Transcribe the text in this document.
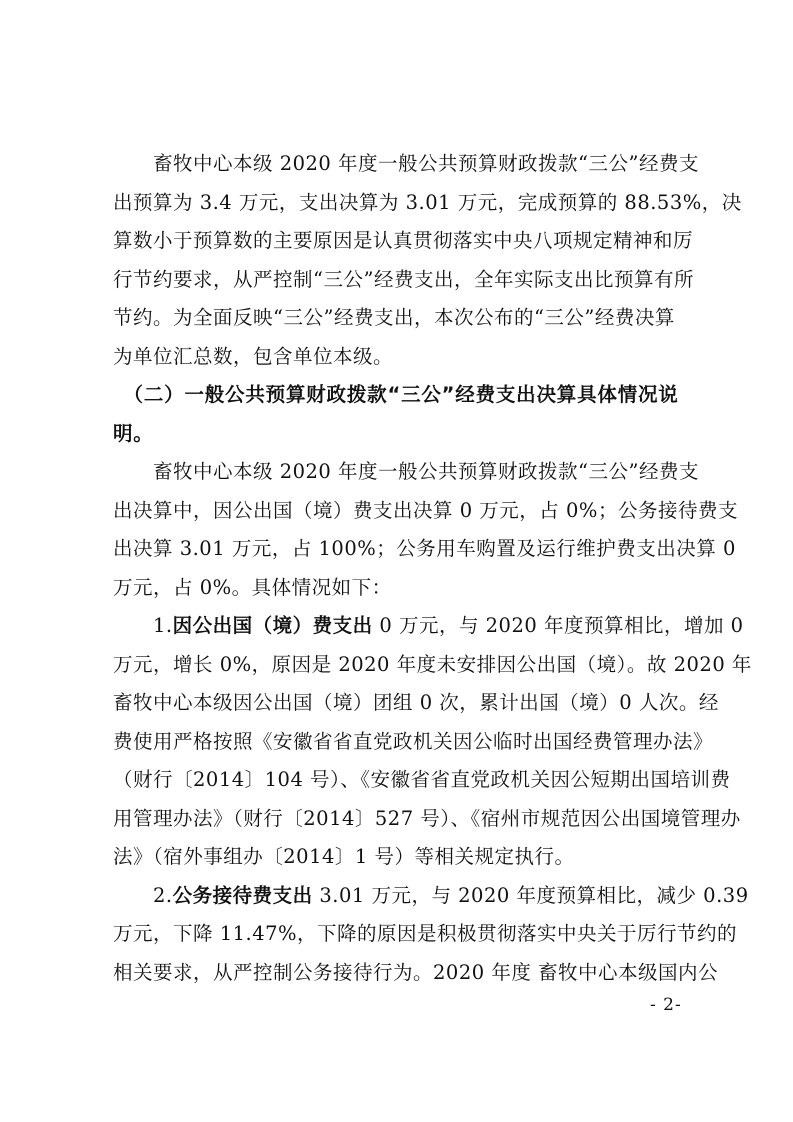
　　畜牧中心本级 2020 年度一般公共预算财政拨款“三公”经费支
出预算为 3.4 万元，支出决算为 3.01 万元，完成预算的 88.53%，决
算数小于预算数的主要原因是认真贯彻落实中央八项规定精神和厉
行节约要求，从严控制“三公”经费支出，全年实际支出比预算有所
节约。为全面反映“三公”经费支出，本次公布的“三公”经费决算
为单位汇总数，包含单位本级。
　（二）一般公共预算财政拨款“三公”经费支出决算具体情况说
明。
　　畜牧中心本级 2020 年度一般公共预算财政拨款“三公”经费支
出决算中，因公出国（境）费支出决算 0 万元，占 0%；公务接待费支
出决算 3.01 万元，占 100%；公务用车购置及运行维护费支出决算 0
万元，占 0%。具体情况如下：
　　1.因公出国（境）费支出 0 万元，与 2020 年度预算相比，增加 0
万元，增长 0%，原因是 2020 年度未安排因公出国（境）。故 2020 年
畜牧中心本级因公出国（境）团组 0 次，累计出国（境）0 人次。经
费使用严格按照《安徽省省直党政机关因公临时出国经费管理办法》
（财行〔2014〕104 号）、《安徽省省直党政机关因公短期出国培训费
用管理办法》（财行〔2014〕527 号）、《宿州市规范因公出国境管理办
法》（宿外事组办〔2014〕1 号）等相关规定执行。
　　2.公务接待费支出 3.01 万元，与 2020 年度预算相比，减少 0.39
万元，下降 11.47%，下降的原因是积极贯彻落实中央关于厉行节约的
相关要求，从严控制公务接待行为。2020 年度 畜牧中心本级国内公
- 2-
